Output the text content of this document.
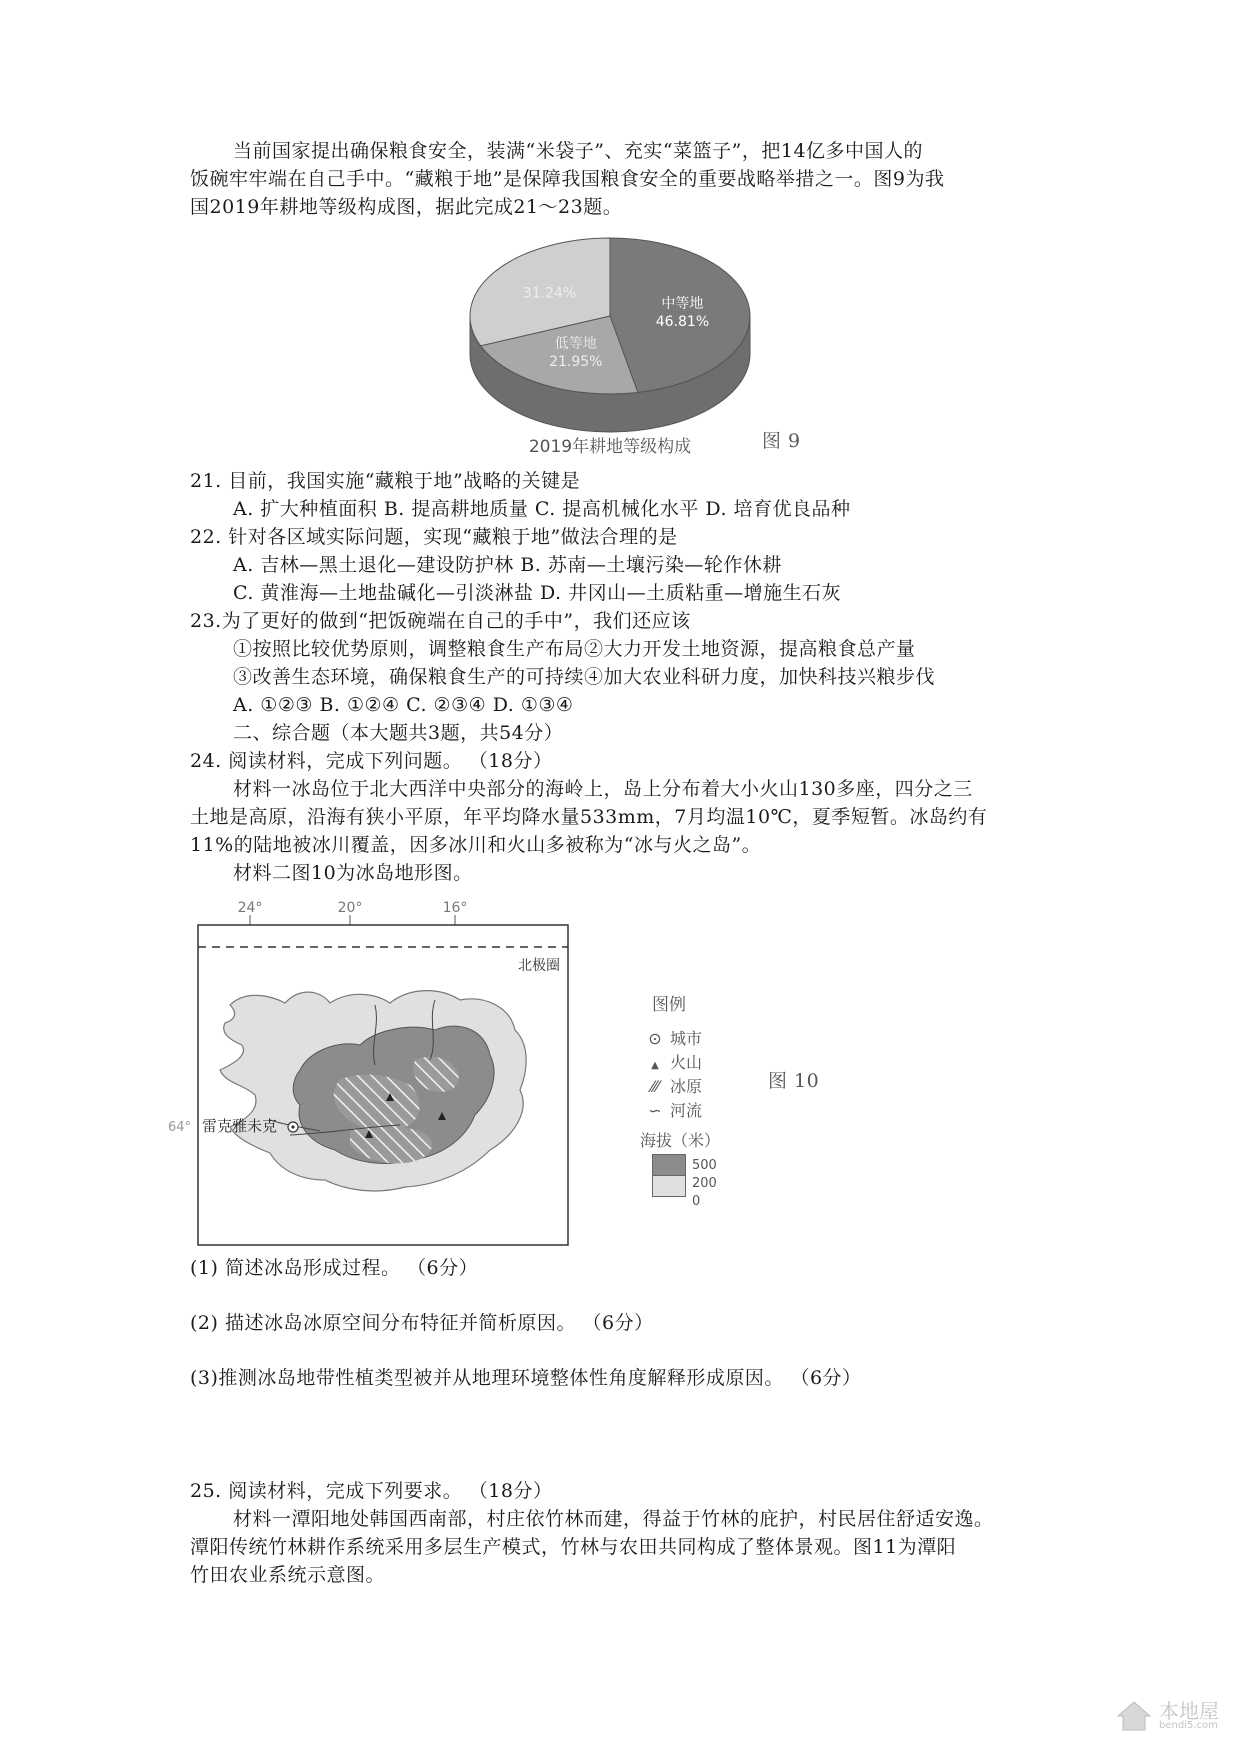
当前国家提出确保粮食安全，装满“米袋子”、充实“菜篮子”，把14亿多中国人的
饭碗牢牢端在自己手中。“藏粮于地”是保障我国粮食安全的重要战略举措之一。图9为我
国2019年耕地等级构成图，据此完成21～23题。
中等地
46.81%
低等地
21.95%
31.24%
2019年耕地等级构成	图 9
21. 目前，我国实施“藏粮于地”战略的关键是
A. 扩大种植面积 B. 提高耕地质量 C. 提高机械化水平 D. 培育优良品种
22. 针对各区域实际问题，实现“藏粮于地”做法合理的是
A. 吉林—黑土退化—建设防护林 B. 苏南—土壤污染—轮作休耕
C. 黄淮海—土地盐碱化—引淡淋盐 D. 井冈山—土质粘重—增施生石灰
23.为了更好的做到“把饭碗端在自己的手中”，我们还应该
①按照比较优势原则，调整粮食生产布局②大力开发土地资源，提高粮食总产量
③改善生态环境，确保粮食生产的可持续④加大农业科研力度，加快科技兴粮步伐
A. ①②③ B. ①②④ C. ②③④ D. ①③④
二、综合题（本大题共3题，共54分）
24. 阅读材料，完成下列问题。 （18分）
材料一冰岛位于北大西洋中央部分的海岭上，岛上分布着大小火山130多座，四分之三
土地是高原，沿海有狭小平原，年平均降水量533mm，7月均温10℃，夏季短暂。冰岛约有
11%的陆地被冰川覆盖，因多冰川和火山多被称为“冰与火之岛”。
材料二图10为冰岛地形图。
24°	20°	16°
北极圈
64° 雷克雅未克
图例
⊙ 城市
▲ 火山
⁄⁄⁄ 冰原
∽ 河流
海拔（米）
500
200
0
图 10
(1) 简述冰岛形成过程。 （6分）
(2) 描述冰岛冰原空间分布特征并简析原因。 （6分）
(3)推测冰岛地带性植类型被并从地理环境整体性角度解释形成原因。 （6分）
25. 阅读材料，完成下列要求。 （18分）
材料一潭阳地处韩国西南部，村庄依竹林而建，得益于竹林的庇护，村民居住舒适安逸。
潭阳传统竹林耕作系统采用多层生产模式，竹林与农田共同构成了整体景观。图11为潭阳
竹田农业系统示意图。

本地屋
bendi5.com
